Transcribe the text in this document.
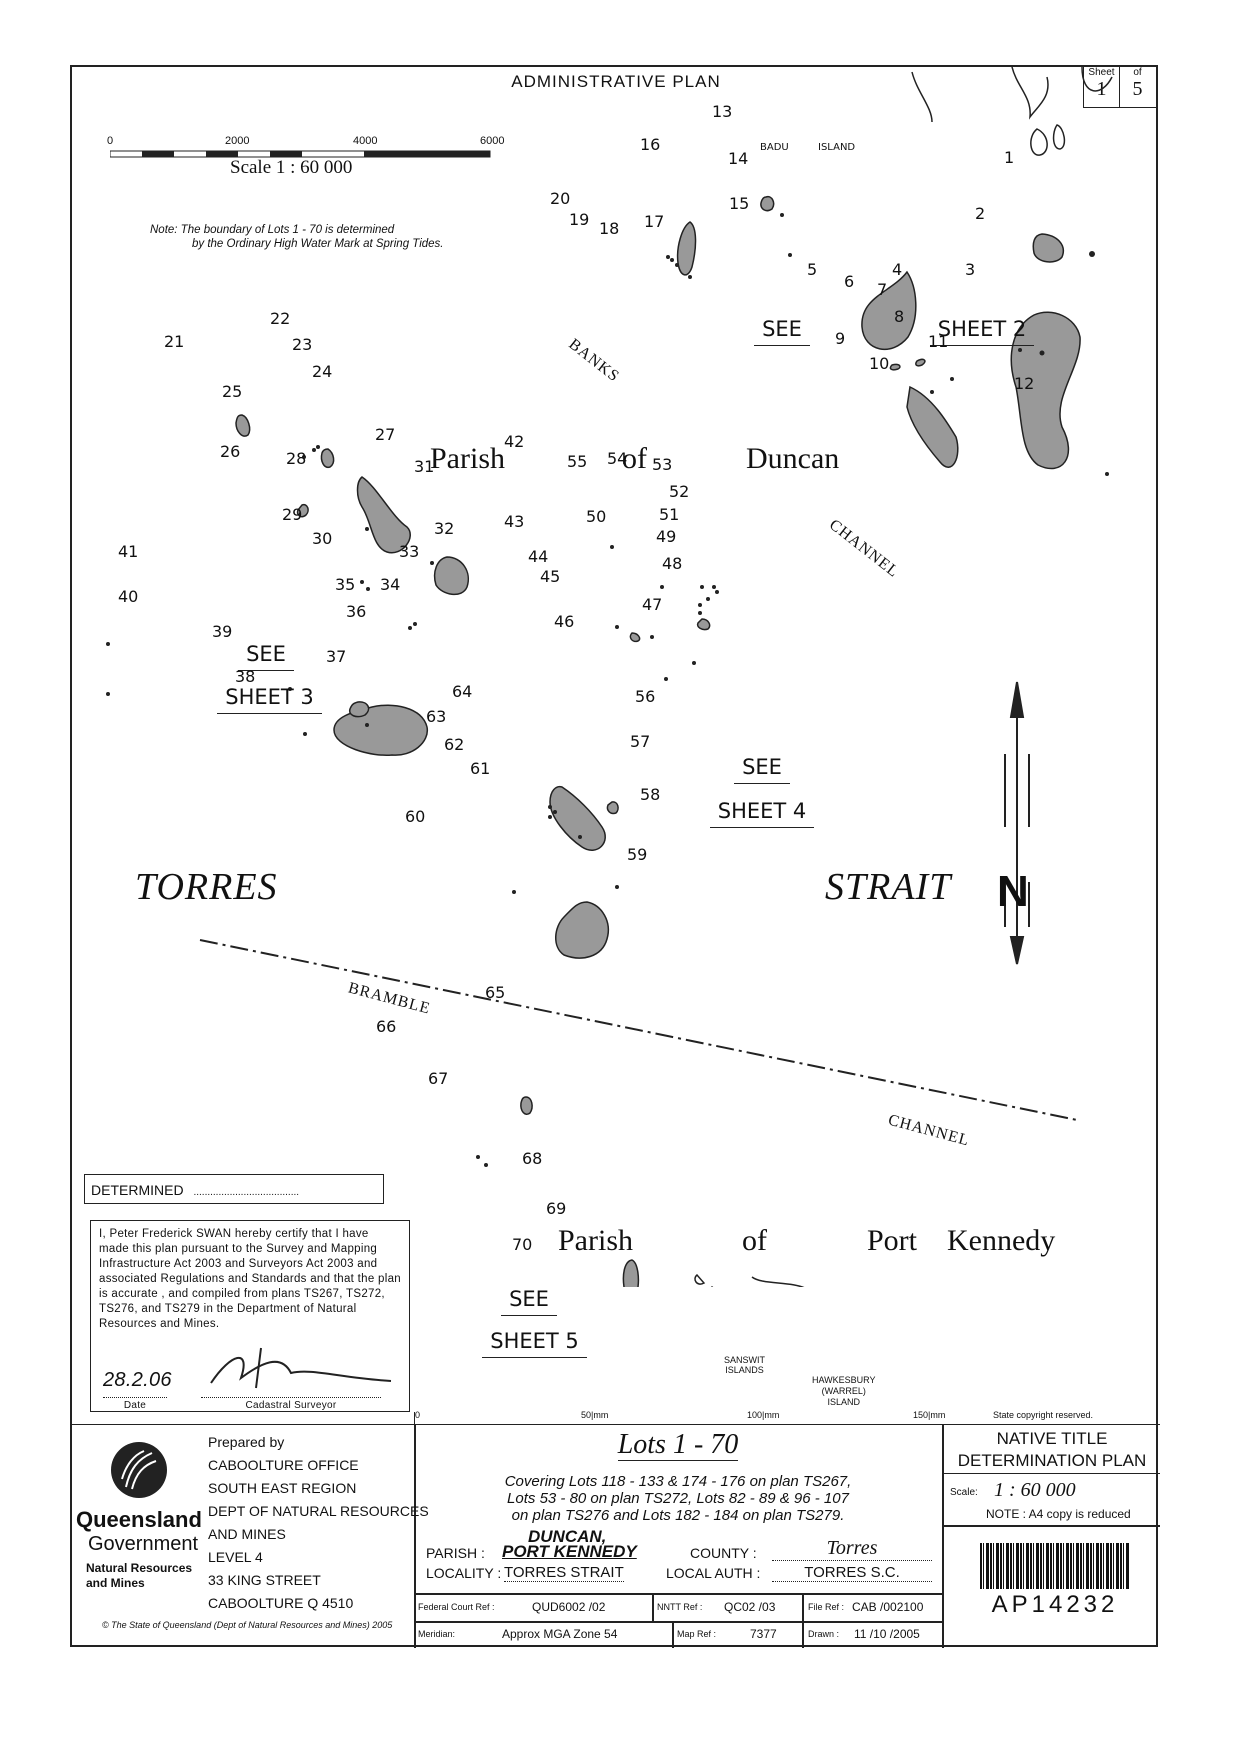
ADMINISTRATIVE PLAN	Sheet
1
of
5
0	2000	4000	6000
Scale 1 : 60 000
Note: The boundary of Lots 1 - 70 is determined
by the Ordinary High Water Mark at Spring Tides.
BADU	ISLAND
BANKS
CHANNEL
BRAMBLE
CHANNEL
Parish	of	Duncan
Parish	of	Port Kennedy
TORRES	STRAIT N
SEE	SHEET 2
SEE
SHEET 3
SEE
SHEET 4
SEE
SHEET 5
SANSWIT
ISLANDS
HAWKESBURY
(WARREL)
ISLAND
1
2
3
4
5
6 7
8
9
10
11
12
13
14
15
16
17
18
19
20
21
22
23
24
25
26
27
28
29
30
31
32
33
34
35
36
37
38
39
40
41
42
43
44
45
46
47
48
49
50	51
52
53
54
55
56
57
58
59
60
61
62
63
64
65
66
67
68
69
70
DETERMINED ......................................
I, Peter Frederick SWAN hereby certify that I have made this plan pursuant to the Survey and Mapping Infrastructure Act 2003 and Surveyors Act 2003 and associated Regulations and Standards and that the plan is accurate , and compiled from plans TS267, TS272, TS276, and TS279 in the Department of Natural Resources and Mines.
28.2.06
Date	Cadastral Surveyor
0	50|mm	100|mm	150|mm	State copyright reserved.
Queensland
Government
Natural Resources
and Mines
Prepared by
CABOOLTURE OFFICE
SOUTH EAST REGION
DEPT OF NATURAL RESOURCES
AND MINES
LEVEL 4
33 KING STREET
CABOOLTURE Q 4510
© The State of Queensland (Dept of Natural Resources and Mines) 2005
Lots 1 - 70
Covering Lots 118 - 133 & 174 - 176 on plan TS267,
Lots 53 - 80 on plan TS272, Lots 82 - 89 & 96 - 107
on plan TS276 and Lots 182 - 184 on plan TS279.
PARISH :
DUNCAN,
PORT KENNEDY	COUNTY :	Torres
LOCALITY : TORRES STRAIT	LOCAL AUTH :	TORRES S.C.
Federal Court Ref :	QUD6002 /02	NNTT Ref : QC02 /03	File Ref : CAB /002100
Meridian:	Approx MGA Zone 54	Map Ref :	7377	Drawn : 11 /10 /2005
NATIVE TITLE
DETERMINATION PLAN
Scale: 1 : 60 000
NOTE : A4 copy is reduced
AP14232
